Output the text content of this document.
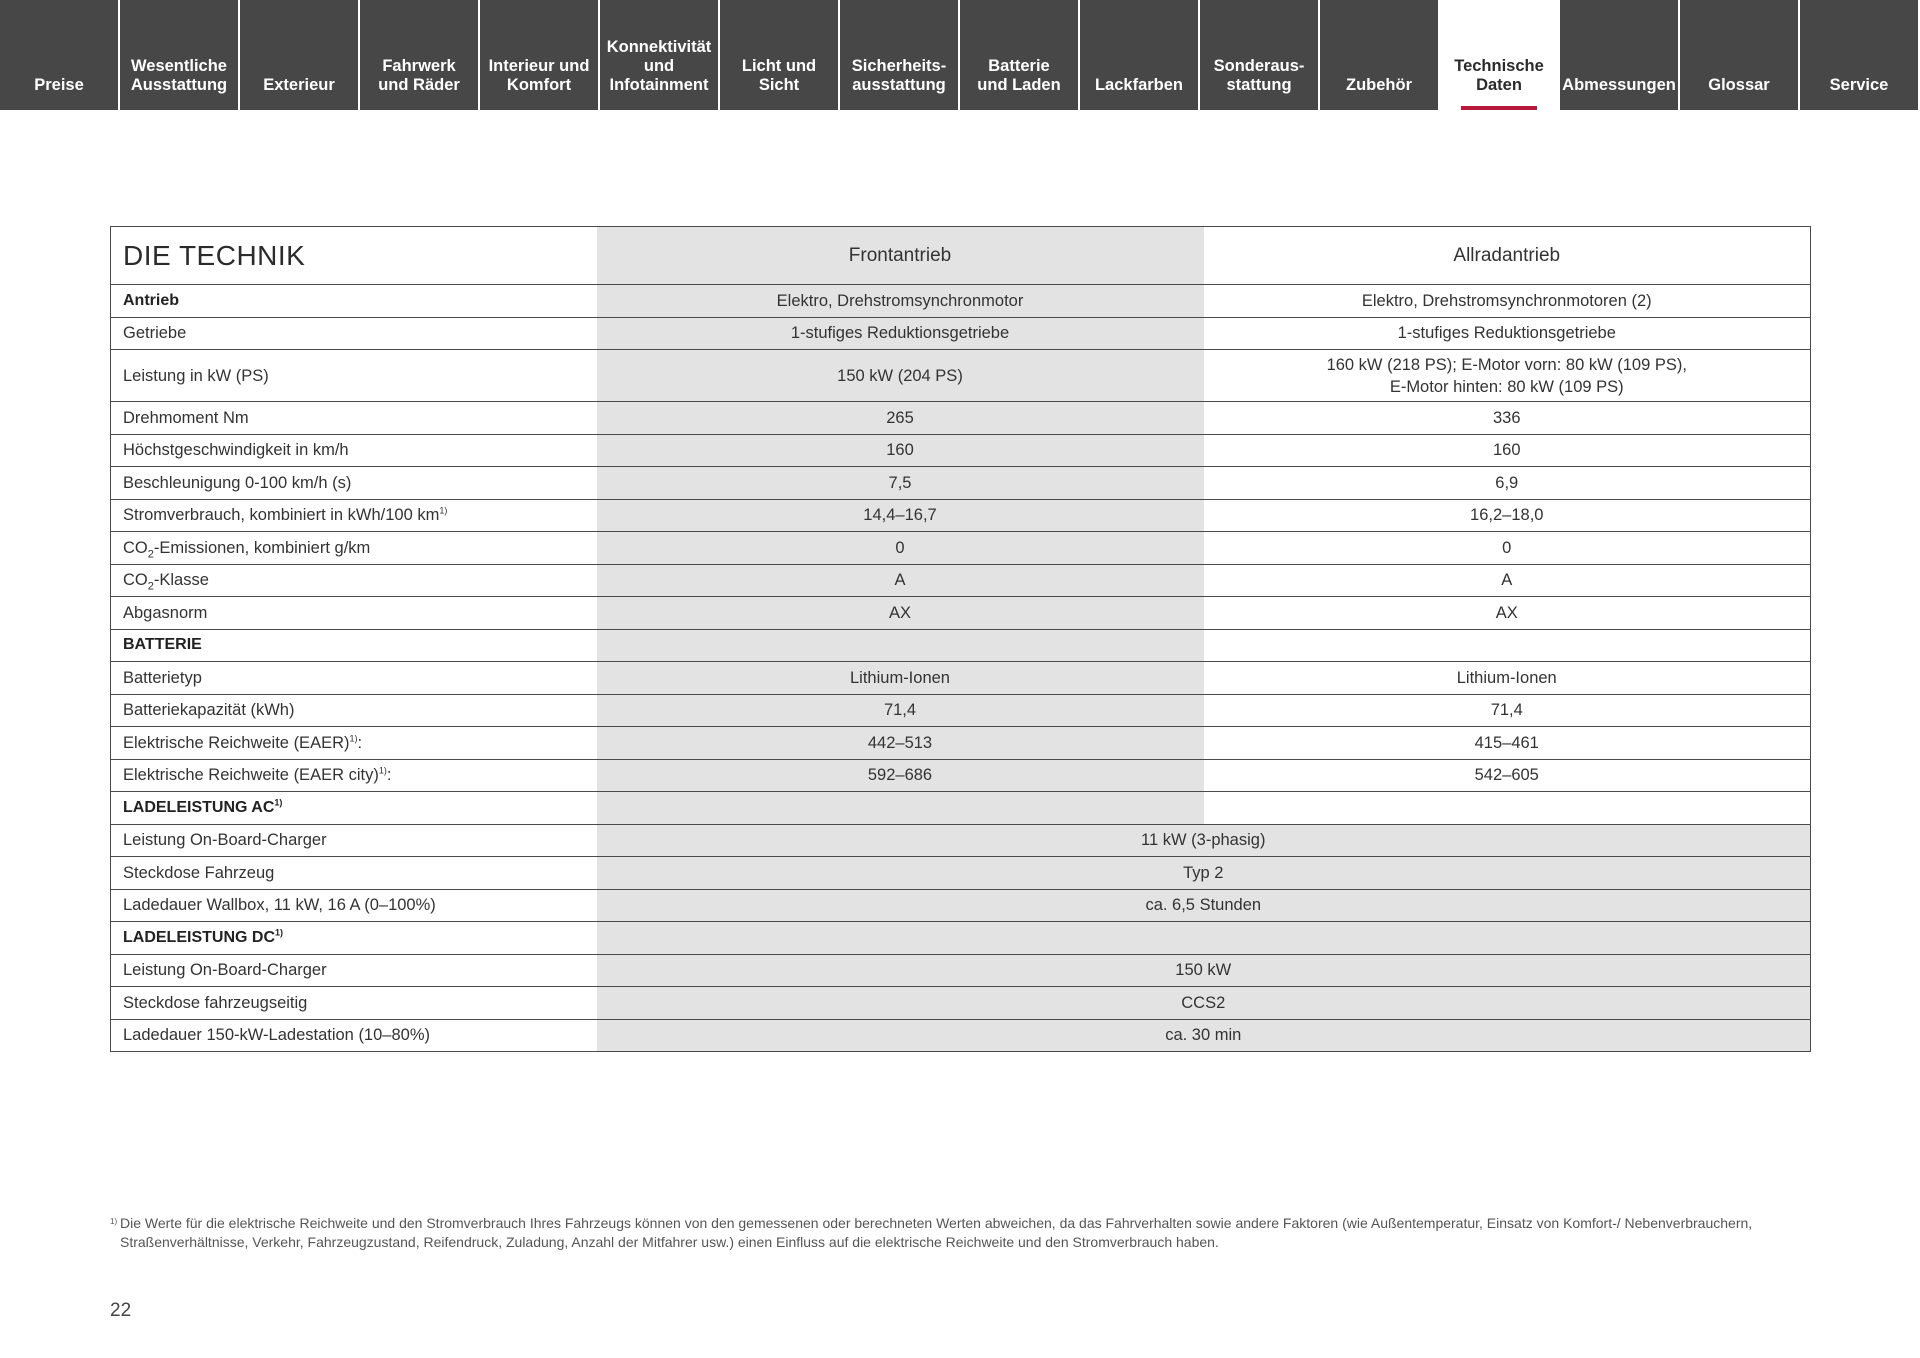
Preise
Wesentliche
Ausstattung	Exterieur
Fahrwerk
und Räder
Interieur und
Komfort
Konnektivität
und
Infotainment
Licht und Sicht
Sicherheits-
ausstattung
Batterie
und Laden	Lackfarben
Sonderaus-
stattung	Zubehör
Technische
Daten	Abmessungen	Glossar	Service
DIE TECHNIK	Frontantrieb	Allradantrieb
Antrieb	Elektro, Drehstromsynchronmotor	Elektro, Drehstromsynchronmotoren (2)
Getriebe	1-stufiges Reduktionsgetriebe	1-stufiges Reduktionsgetriebe
Leistung in kW (PS)	150 kW (204 PS)	160 kW (218 PS); E-Motor vorn: 80 kW (109 PS),
E-Motor hinten: 80 kW (109 PS)

Drehmoment Nm	265	336
Höchstgeschwindigkeit in km/h	160	160
Beschleunigung 0-100 km/h (s)	7,5	6,9
Stromverbrauch, kombiniert in kWh/100 $km^{1)}$	14,4–16,7	16,2–18,0
$CO_2$-Emissionen, kombiniert g/km	0	0
$CO_2$-Klasse	A	A
Abgasnorm	AX	AX
BATTERIE		
Batterietyp	Lithium-Ionen	Lithium-Ionen
Batteriekapazität (kWh)	71,4	71,4
Elektrische Reichweite (EAER)$^{1)}$:	442–513	415–461
Elektrische Reichweite (EAER city)$^{1)}$:	592–686	542–605
LADELEISTUNG AC$^{1)}$		
Leistung On-Board-Charger	11 kW (3-phasig)	
Steckdose Fahrzeug	Typ 2	
Ladedauer Wallbox, 11 kW, 16 A (0–100%)	ca. 6,5 Stunden	
LADELEISTUNG DC$^{1)}$	
Leistung On-Board-Charger	150 kW	
Steckdose fahrzeugseitig	CCS2	
Ladedauer 150-kW-Ladestation (10–80%)	ca. 30 min	
1) Die Werte für die elektrische Reichweite und den Stromverbrauch Ihres Fahrzeugs können von den gemessenen oder berechneten Werten abweichen, da das Fahrverhalten sowie andere Faktoren (wie Außentemperatur, Einsatz von Komfort-/ Nebenverbrauchern, Straßenverhältnisse, Verkehr, Fahrzeugzustand, Reifendruck, Zuladung, Anzahl der Mitfahrer usw.) einen Einfluss auf die elektrische Reichweite und den Stromverbrauch haben.
22
